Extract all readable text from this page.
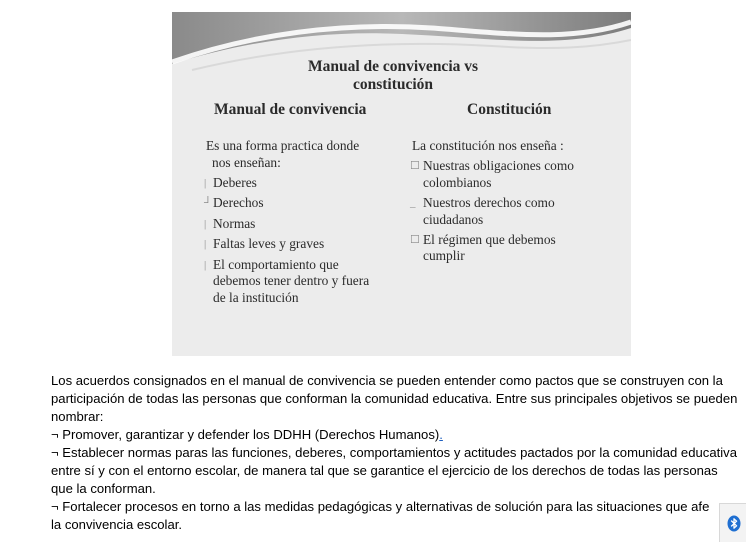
Manual de convivencia vs
constitución
Manual de convivencia	Constitución
Es una forma practica donde
nos enseñan:
| Deberes
┘ Derechos
| Normas
| Faltas leves y graves
| El comportamiento que
debemos tener dentro y fuera
de la institución
La constitución nos enseña :
☐ Nuestras obligaciones como
colombianos
_ Nuestros derechos como
ciudadanos
☐ El régimen que debemos
cumplir

Los acuerdos consignados en el manual de convivencia se pueden entender como pactos que se construyen con la participación de todas las personas que conforman la comunidad educativa. Entre sus principales objetivos se pueden nombrar:

¬ Promover, garantizar y defender los DDHH (Derechos Humanos).

¬ Establecer normas paras las funciones, deberes, comportamientos y actitudes pactados por la comunidad educativa entre sí y con el entorno escolar, de manera tal que se garantice el ejercicio de los derechos de todas las personas que la conforman.

¬ Fortalecer procesos en torno a las medidas pedagógicas y alternativas de solución para las situaciones que afe

la convivencia escolar.
